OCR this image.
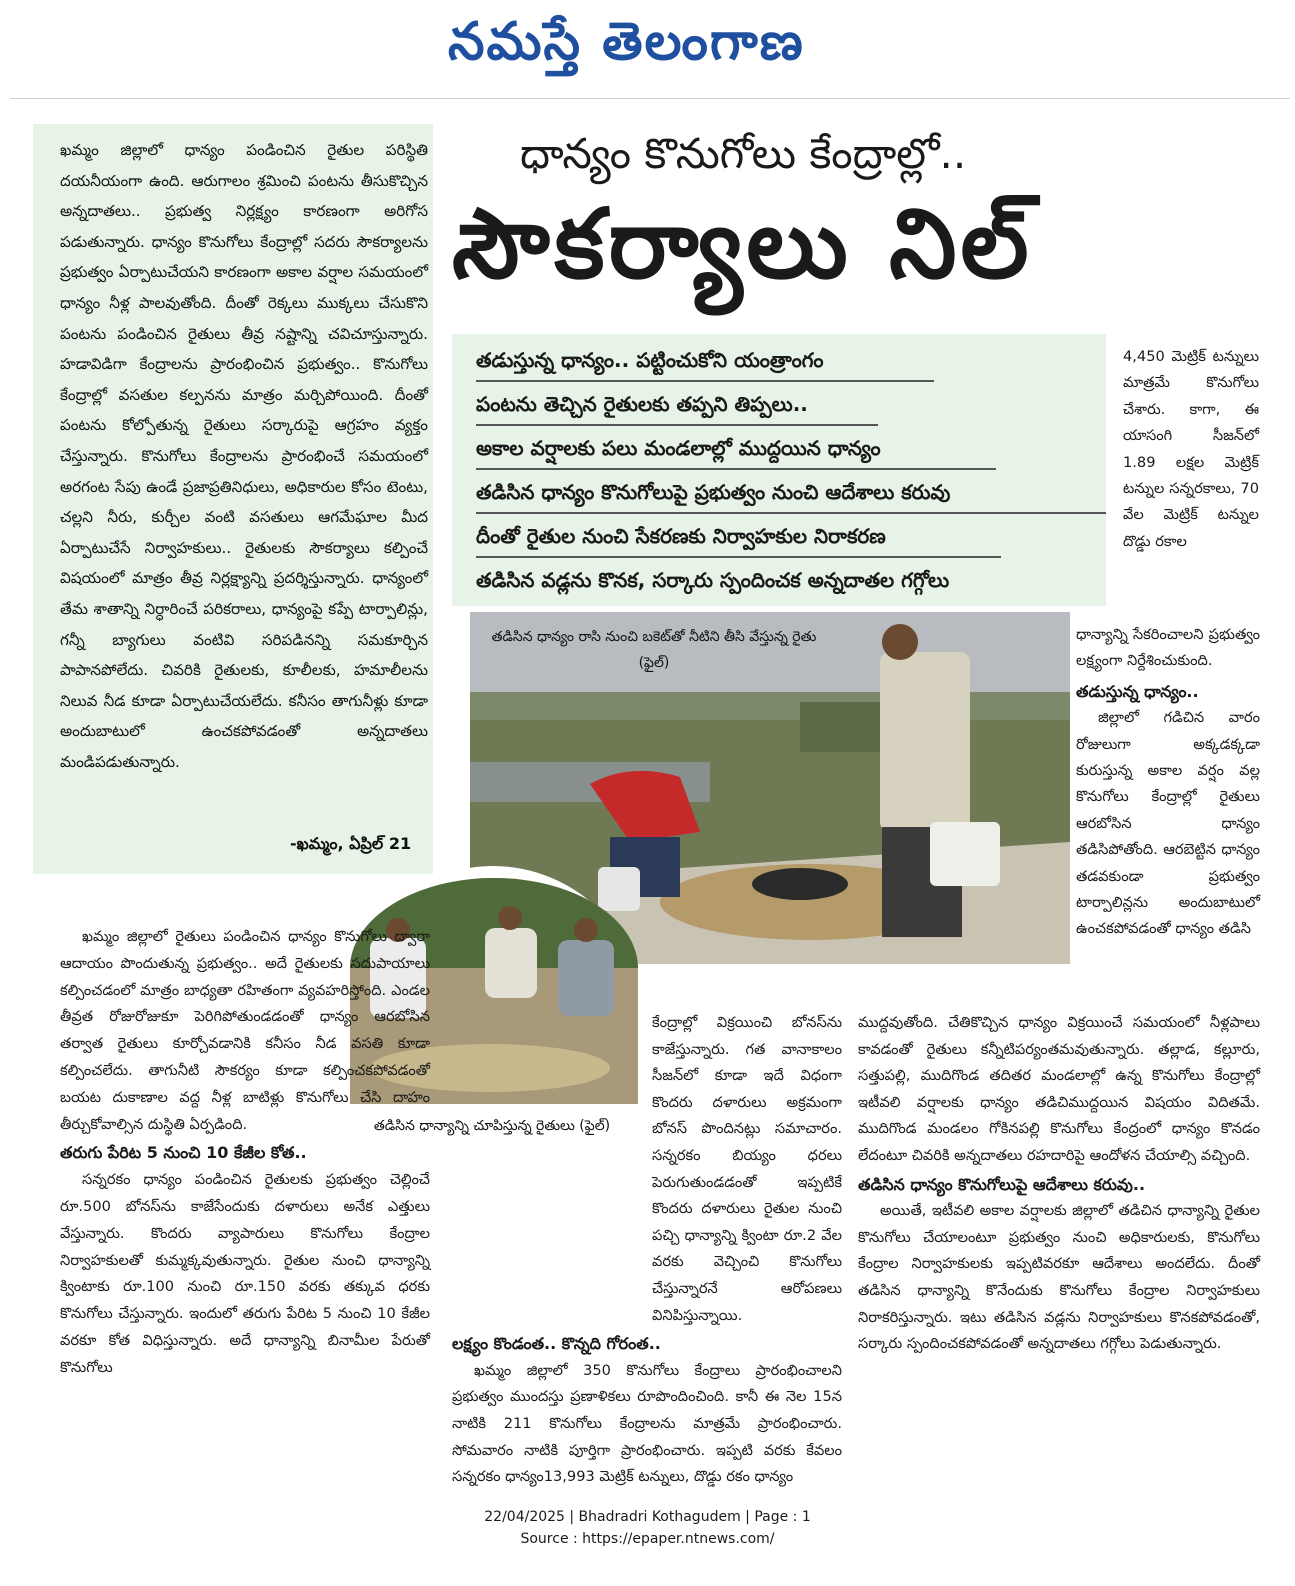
నమస్తే తెలంగాణ
ఖమ్మం జిల్లాలో ధాన్యం పండించిన రైతుల పరిస్థితి దయనీయంగా ఉంది. ఆరుగాలం శ్రమించి పంటను తీసుకొచ్చిన అన్నదాతలు.. ప్రభుత్వ నిర్లక్ష్యం కారణంగా అరిగోస పడుతున్నారు. ధాన్యం కొనుగోలు కేంద్రాల్లో సదరు సౌకర్యాలను ప్రభుత్వం ఏర్పాటుచేయని కారణంగా అకాల వర్షాల సమయంలో ధాన్యం నీళ్ల పాలవుతోంది. దీంతో రెక్కలు ముక్కలు చేసుకొని పంటను పండించిన రైతులు తీవ్ర నష్టాన్ని చవిచూస్తున్నారు. హడావిడిగా కేంద్రాలను ప్రారంభించిన ప్రభుత్వం.. కొనుగోలు కేంద్రాల్లో వసతుల కల్పనను మాత్రం మర్చిపోయింది. దీంతో పంటను కోల్పోతున్న రైతులు సర్కారుపై ఆగ్రహం వ్యక్తం చేస్తున్నారు. కొనుగోలు కేంద్రాలను ప్రారంభించే సమయంలో అరగంట సేపు ఉండే ప్రజాప్రతినిధులు, అధికారుల కోసం టెంటు, చల్లని నీరు, కుర్చీల వంటి వసతులు ఆగమేఘాల మీద ఏర్పాటుచేసే నిర్వాహకులు.. రైతులకు సౌకర్యాలు కల్పించే విషయంలో మాత్రం తీవ్ర నిర్లక్ష్యాన్ని ప్రదర్శిస్తున్నారు. ధాన్యంలో తేమ శాతాన్ని నిర్ధారించే పరికరాలు, ధాన్యంపై కప్పే టార్పాలిన్లు, గన్నీ బ్యాగులు వంటివి సరిపడినన్ని సమకూర్చిన పాపానపోలేదు. చివరికి రైతులకు, కూలీలకు, హమాలీలను నిలువ నీడ కూడా ఏర్పాటుచేయలేదు. కనీసం తాగునీళ్లు కూడా అందుబాటులో ఉంచకపోవడంతో అన్నదాతలు మండిపడుతున్నారు.
-ఖమ్మం, ఏప్రిల్ 21
ధాన్యం కొనుగోలు కేంద్రాల్లో..
సౌకర్యాలు నిల్
తడుస్తున్న ధాన్యం.. పట్టించుకోని యంత్రాంగం
పంటను తెచ్చిన రైతులకు తప్పని తిప్పలు..
అకాల వర్షాలకు పలు మండలాల్లో ముద్దయిన ధాన్యం
తడిసిన ధాన్యం కొనుగోలుపై ప్రభుత్వం నుంచి ఆదేశాలు కరువు
దీంతో రైతుల నుంచి సేకరణకు నిర్వాహకుల నిరాకరణ
తడిసిన వడ్లను కొనక, సర్కారు స్పందించక అన్నదాతల గగ్గోలు
4,450 మెట్రిక్ టన్నులు మాత్రమే కొనుగోలు చేశారు. కాగా, ఈ యాసంగి సీజన్‌లో 1.89 లక్షల మెట్రిక్ టన్నుల సన్నరకాలు, 70 వేల మెట్రిక్ టన్నుల దొడ్డు రకాల
ధాన్యాన్ని సేకరించాలని ప్రభుత్వం లక్ష్యంగా నిర్దేశించుకుంది.
తడుస్తున్న ధాన్యం..
జిల్లాలో గడిచిన వారం రోజులుగా అక్కడక్కడా కురుస్తున్న అకాల వర్షం వల్ల కొనుగోలు కేంద్రాల్లో రైతులు ఆరబోసిన ధాన్యం తడిసిపోతోంది. ఆరబెట్టిన ధాన్యం తడవకుండా ప్రభుత్వం టార్పాలిన్లను అందుబాటులో ఉంచకపోవడంతో ధాన్యం తడిసి
తడిసిన ధాన్యం రాసి నుంచి బకెట్‌తో నీటిని తీసి వేస్తున్న రైతు (ఫైల్)
తడిసిన ధాన్యాన్ని చూపిస్తున్న రైతులు (ఫైల్)
ఖమ్మం జిల్లాలో రైతులు పండించిన ధాన్యం కొనుగోలు ద్వారా ఆదాయం పొందుతున్న ప్రభుత్వం.. అదే రైతులకు సదుపాయాలు కల్పించడంలో మాత్రం బాధ్యతా రహితంగా వ్యవహరిస్తోంది. ఎండల తీవ్రత రోజురోజుకూ పెరిగిపోతుండడంతో ధాన్యం ఆరబోసిన తర్వాత రైతులు కూర్చోవడానికి కనీసం నీడ వసతి కూడా కల్పించలేదు. తాగునీటి సౌకర్యం కూడా కల్పించకపోవడంతో బయట దుకాణాల వద్ద నీళ్ల బాటిళ్లు కొనుగోలు చేసి దాహం తీర్చుకోవాల్సిన దుస్థితి ఏర్పడింది.
తరుగు పేరిట 5 నుంచి 10 కేజీల కోత..
సన్నరకం ధాన్యం పండించిన రైతులకు ప్రభుత్వం చెల్లించే రూ.500 బోనస్‌ను కాజేసేందుకు దళారులు అనేక ఎత్తులు వేస్తున్నారు. కొందరు వ్యాపారులు కొనుగోలు కేంద్రాల నిర్వాహకులతో కుమ్మక్కవుతున్నారు. రైతుల నుంచి ధాన్యాన్ని క్వింటాకు రూ.100 నుంచి రూ.150 వరకు తక్కువ ధరకు కొనుగోలు చేస్తున్నారు. ఇందులో తరుగు పేరిట 5 నుంచి 10 కేజీల వరకూ కోత విధిస్తున్నారు. అదే ధాన్యాన్ని బినామీల పేరుతో కొనుగోలు
కేంద్రాల్లో విక్రయించి బోనస్‌ను కాజేస్తున్నారు. గత వానాకాలం సీజన్‌లో కూడా ఇదే విధంగా కొందరు దళారులు అక్రమంగా బోనస్ పొందినట్లు సమాచారం. సన్నరకం బియ్యం ధరలు పెరుగుతుండడంతో ఇప్పటికే కొందరు దళారులు రైతుల నుంచి పచ్చి ధాన్యాన్ని క్వింటా రూ.2 వేల వరకు వెచ్చించి కొనుగోలు చేస్తున్నారనే ఆరోపణలు వినిపిస్తున్నాయి.
లక్ష్యం కొండంత.. కొన్నది గోరంత..
ఖమ్మం జిల్లాలో 350 కొనుగోలు కేంద్రాలు ప్రారంభించాలని ప్రభుత్వం ముందస్తు ప్రణాళికలు రూపొందించింది. కానీ ఈ నెల 15న నాటికి 211 కొనుగోలు కేంద్రాలను మాత్రమే ప్రారంభించారు. సోమవారం నాటికి పూర్తిగా ప్రారంభించారు. ఇప్పటి వరకు కేవలం సన్నరకం ధాన్యం13,993 మెట్రిక్ టన్నులు, దొడ్డు రకం ధాన్యం
ముద్దవుతోంది. చేతికొచ్చిన ధాన్యం విక్రయించే సమయంలో నీళ్లపాలు కావడంతో రైతులు కన్నీటిపర్యంతమవుతున్నారు. తల్లాడ, కల్లూరు, సత్తుపల్లి, ముదిగొండ తదితర మండలాల్లో ఉన్న కొనుగోలు కేంద్రాల్లో ఇటీవలి వర్షాలకు ధాన్యం తడిచిముద్దయిన విషయం విదితమే. ముదిగొండ మండలం గోకినపల్లి కొనుగోలు కేంద్రంలో ధాన్యం కొనడం లేదంటూ చివరికి అన్నదాతలు రహదారిపై ఆందోళన చేయాల్సి వచ్చింది.
తడిసిన ధాన్యం కొనుగోలుపై ఆదేశాలు కరువు..
అయితే, ఇటీవలి అకాల వర్షాలకు జిల్లాలో తడిచిన ధాన్యాన్ని రైతుల కొనుగోలు చేయాలంటూ ప్రభుత్వం నుంచి అధికారులకు, కొనుగోలు కేంద్రాల నిర్వాహకులకు ఇప్పటివరకూ ఆదేశాలు అందలేదు. దీంతో తడిసిన ధాన్యాన్ని కొనేందుకు కొనుగోలు కేంద్రాల నిర్వాహకులు నిరాకరిస్తున్నారు. ఇటు తడిసిన వడ్లను నిర్వాహకులు కొనకపోవడంతో, సర్కారు స్పందించకపోవడంతో అన్నదాతలు గగ్గోలు పెడుతున్నారు.
22/04/2025 | Bhadradri Kothagudem | Page : 1
Source : https://epaper.ntnews.com/
